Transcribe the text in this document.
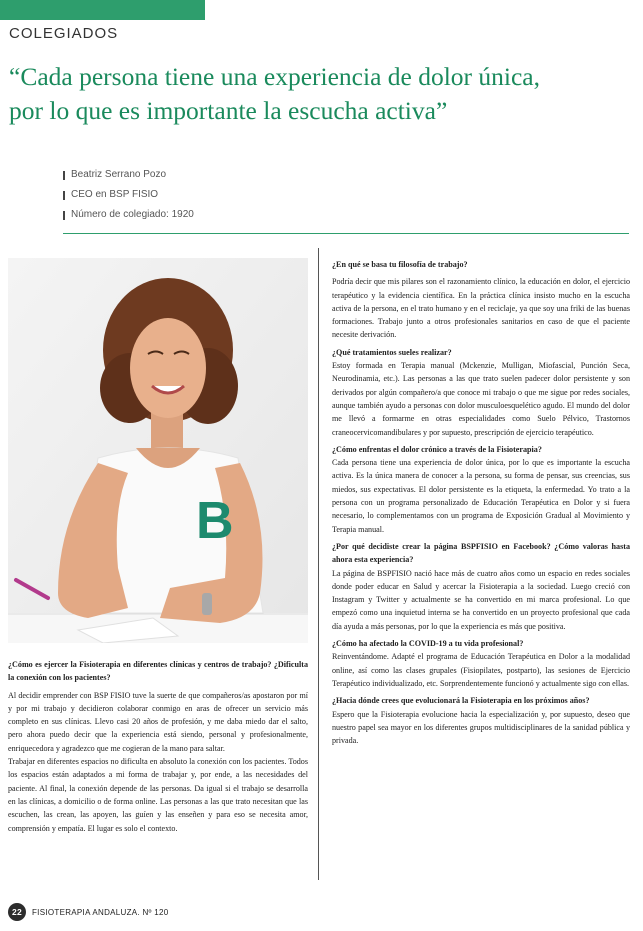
COLEGIADOS
“Cada persona tiene una experiencia de dolor única,
por lo que es importante la escucha activa”
Beatriz Serrano Pozo
CEO en BSP FISIO
Número de colegiado: 1920
B

¿Cómo es ejercer la Fisioterapia en diferentes clínicas y centros de trabajo? ¿Dificulta la conexión con los pacientes?

Al decidir emprender con BSP FISIO tuve la suerte de que compañeros/as apostaron por mí y por mi trabajo y decidieron colaborar conmigo en aras de ofrecer un servicio más completo en sus clínicas. Llevo casi 20 años de profesión, y me daba miedo dar el salto, pero ahora puedo decir que la experiencia está siendo, personal y profesionalmente, enriquecedora y agradezco que me cogieran de la mano para saltar.

Trabajar en diferentes espacios no dificulta en absoluto la conexión con los pacientes. Todos los espacios están adaptados a mi forma de trabajar y, por ende, a las necesidades del paciente. Al final, la conexión depende de las personas. Da igual si el trabajo se desarrolla en las clínicas, a domicilio o de forma online. Las personas a las que trato necesitan que las escuchen, las crean, las apoyen, las guíen y las enseñen y para eso se necesita amor, comprensión y empatía. El lugar es solo el contexto.

¿En qué se basa tu filosofía de trabajo?

Podría decir que mis pilares son el razonamiento clínico, la educación en dolor, el ejercicio terapéutico y la evidencia científica. En la práctica clínica insisto mucho en la escucha activa de la persona, en el trato humano y en el reciclaje, ya que soy una friki de las buenas formaciones. Trabajo junto a otros profesionales sanitarios en caso de que el paciente necesite derivación.

¿Qué tratamientos sueles realizar?

Estoy formada en Terapia manual (Mckenzie, Mulligan, Miofascial, Punción Seca, Neurodinamia, etc.). Las personas a las que trato suelen padecer dolor persistente y son derivados por algún compañero/a que conoce mi trabajo o que me sigue por redes sociales, aunque también ayudo a personas con dolor musculoesquelético agudo. El mundo del dolor me llevó a formarme en otras especialidades como Suelo Pélvico, Trastornos craneocervicomandibulares y por supuesto, prescripción de ejercicio terapéutico.

¿Cómo enfrentas el dolor crónico a través de la Fisioterapia?

Cada persona tiene una experiencia de dolor única, por lo que es importante la escucha activa. Es la única manera de conocer a la persona, su forma de pensar, sus creencias, sus miedos, sus expectativas. El dolor persistente es la etiqueta, la enfermedad. Yo trato a la persona con un programa personalizado de Educación Terapéutica en Dolor y si fuera necesario, lo complementamos con un programa de Exposición Gradual al Movimiento y Terapia manual.

¿Por qué decidiste crear la página BSPFISIO en Facebook? ¿Cómo valoras hasta ahora esta experiencia?

La página de BSPFISIO nació hace más de cuatro años como un espacio en redes sociales donde poder educar en Salud y acercar la Fisioterapia a la sociedad. Luego creció con Instagram y Twitter y actualmente se ha convertido en mi marca profesional. Lo que empezó como una inquietud interna se ha convertido en un proyecto profesional que cada día ayuda a más personas, por lo que la experiencia es más que positiva.

¿Cómo ha afectado la COVID-19 a tu vida profesional?

Reinventándome. Adapté el programa de Educación Terapéutica en Dolor a la modalidad online, así como las clases grupales (Fisiopilates, postparto), las sesiones de Ejercicio Terapéutico individualizado, etc. Sorprendentemente funcionó y actualmente sigo con ellas.

¿Hacia dónde crees que evolucionará la Fisioterapia en los próximos años?

Espero que la Fisioterapia evolucione hacia la especialización y, por supuesto, deseo que nuestro papel sea mayor en los diferentes grupos multidisciplinares de la sanidad pública y privada.

22	FISIOTERAPIA ANDALUZA. Nº 120
